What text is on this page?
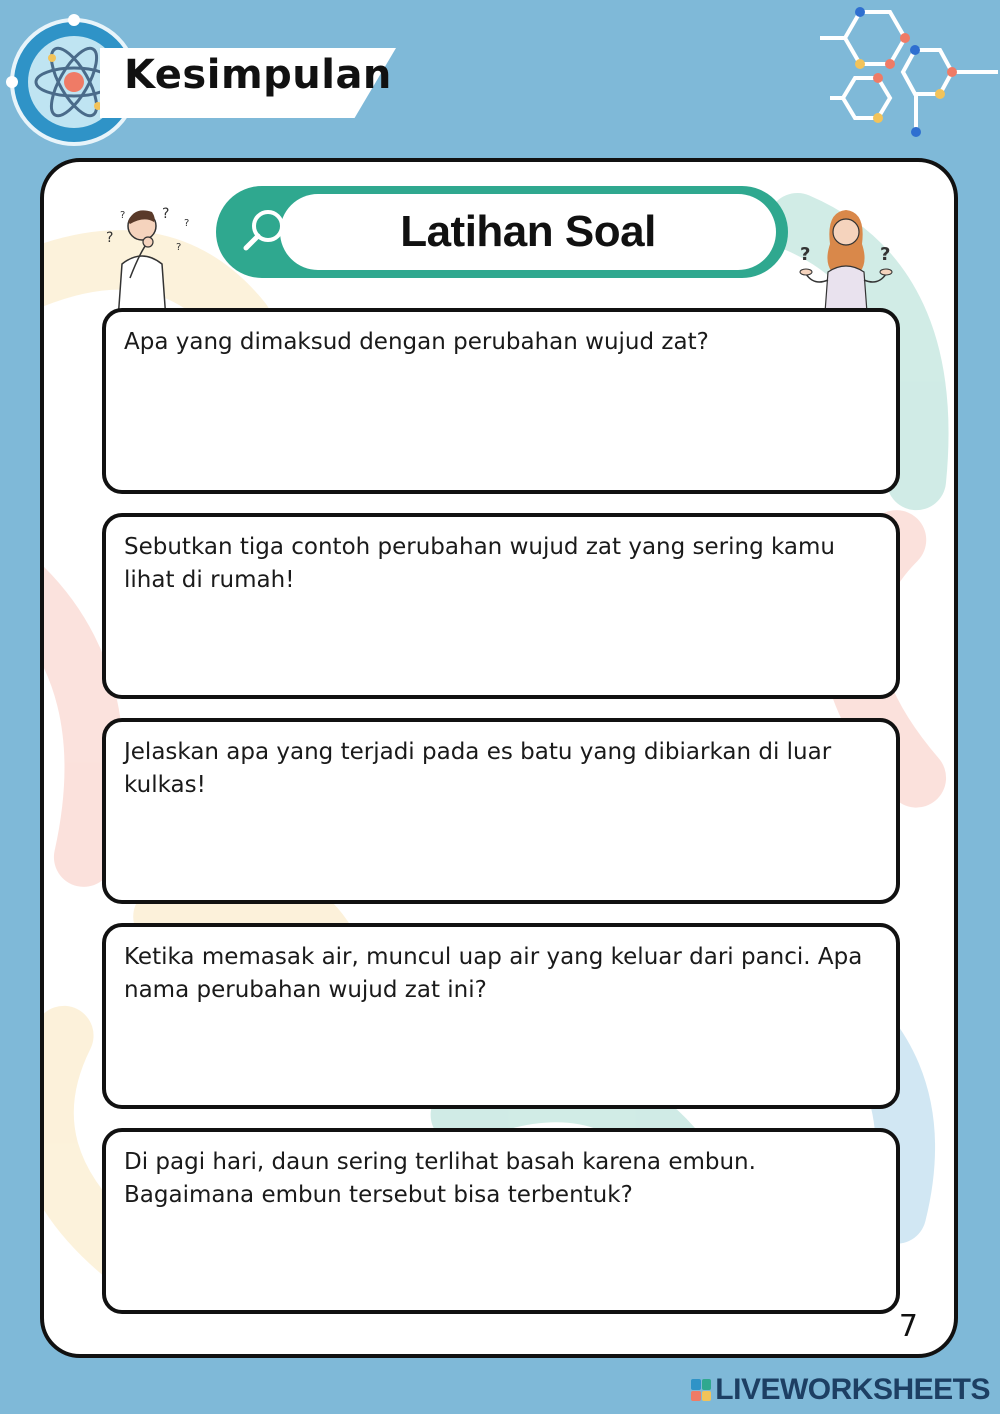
Kesimpulan
?
?
?
?
?	Latihan Soal	?	?
Apa yang dimaksud dengan perubahan wujud zat?
Sebutkan tiga contoh perubahan wujud zat yang sering kamu lihat di rumah!
Jelaskan apa yang terjadi pada es batu yang dibiarkan di luar kulkas!
Ketika memasak air, muncul uap air yang keluar dari panci. Apa nama perubahan wujud zat ini?
Di pagi hari, daun sering terlihat basah karena embun. Bagaimana embun tersebut bisa terbentuk?
7
LIVEWORKSHEETS
